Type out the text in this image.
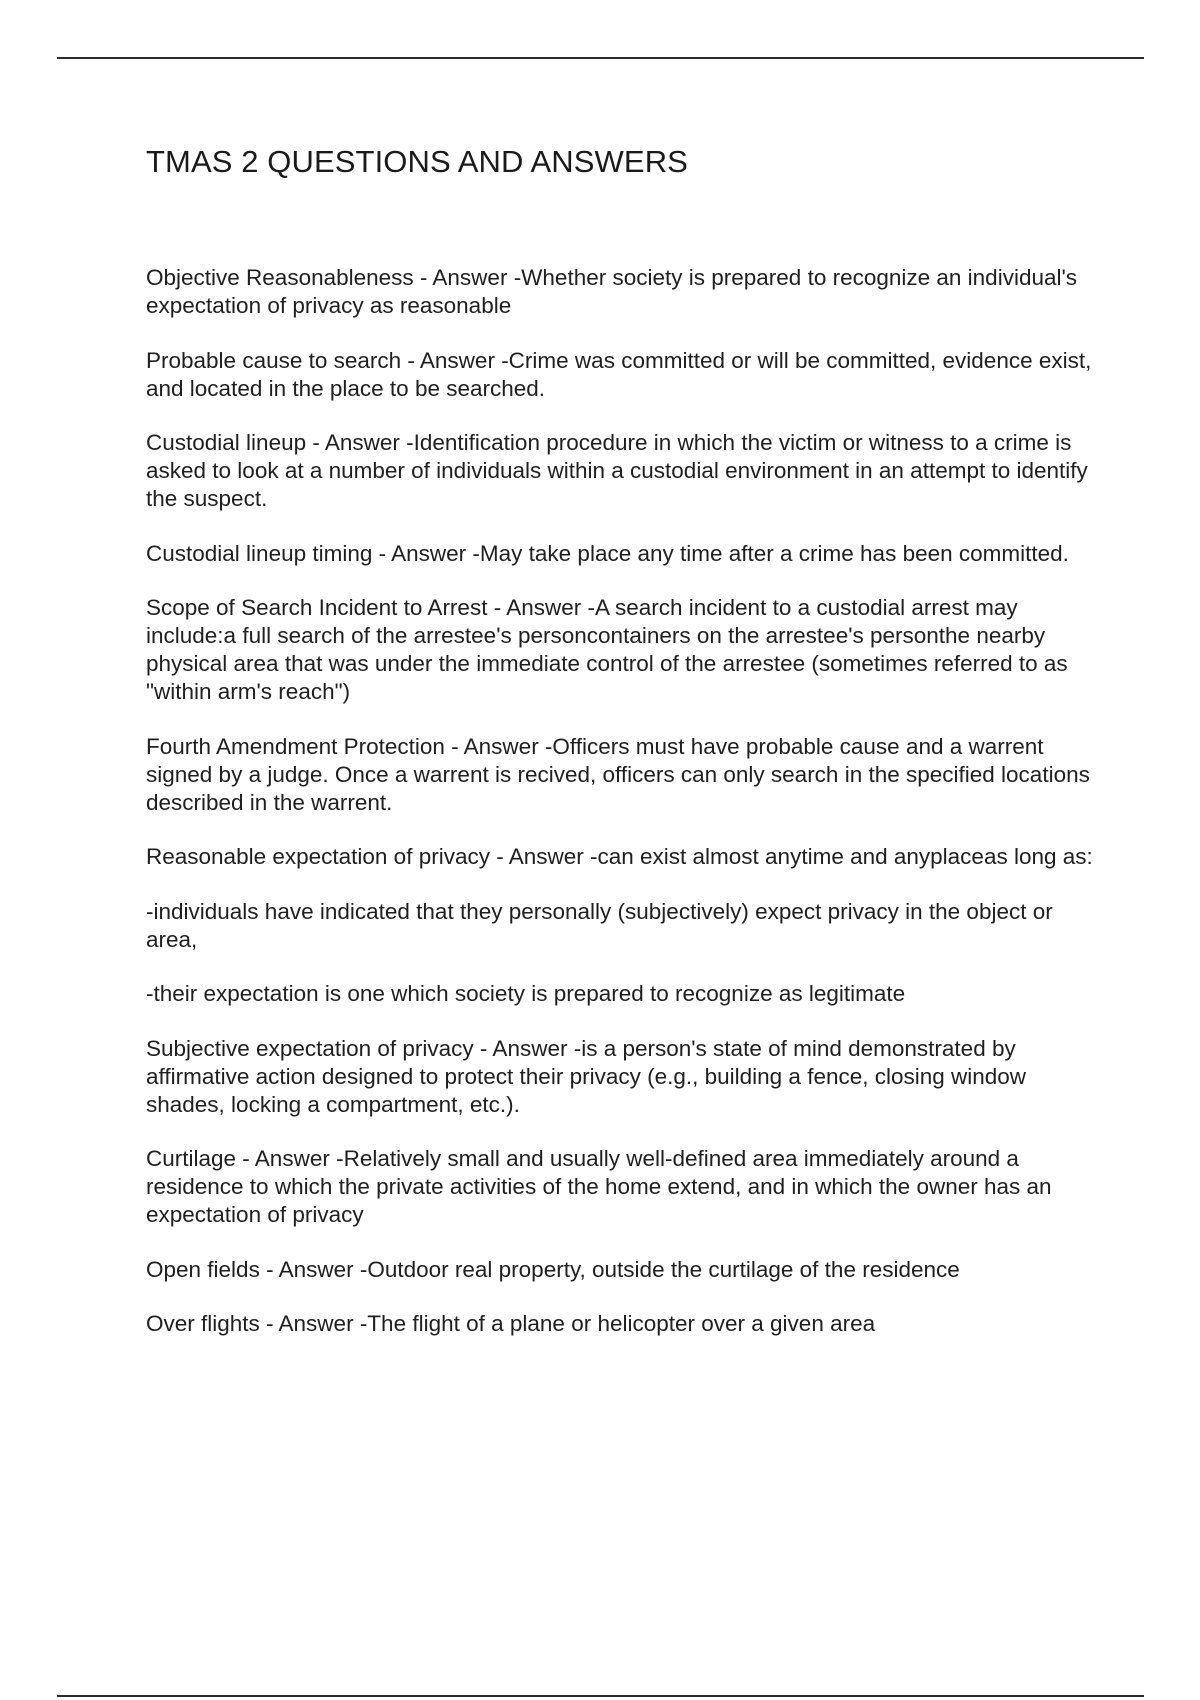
TMAS 2 QUESTIONS AND ANSWERS

Objective Reasonableness - Answer -Whether society is prepared to recognize an individual's expectation of privacy as reasonable

Probable cause to search - Answer -Crime was committed or will be committed, evidence exist, and located in the place to be searched.

Custodial lineup - Answer -Identification procedure in which the victim or witness to a crime is asked to look at a number of individuals within a custodial environment in an attempt to identify the suspect.

Custodial lineup timing - Answer -May take place any time after a crime has been committed.

Scope of Search Incident to Arrest - Answer -A search incident to a custodial arrest may include:a full search of the arrestee's personcontainers on the arrestee's personthe nearby physical area that was under the immediate control of the arrestee (sometimes referred to as "within arm's reach")

Fourth Amendment Protection - Answer -Officers must have probable cause and a warrent signed by a judge. Once a warrent is recived, officers can only search in the specified locations described in the warrent.

Reasonable expectation of privacy - Answer -can exist almost anytime and anyplaceas long as:

-individuals have indicated that they personally (subjectively) expect privacy in the object or area,

-their expectation is one which society is prepared to recognize as legitimate

Subjective expectation of privacy - Answer -is a person's state of mind demonstrated by affirmative action designed to protect their privacy (e.g., building a fence, closing window shades, locking a compartment, etc.).

Curtilage - Answer -Relatively small and usually well-defined area immediately around a residence to which the private activities of the home extend, and in which the owner has an expectation of privacy

Open fields - Answer -Outdoor real property, outside the curtilage of the residence

Over flights - Answer -The flight of a plane or helicopter over a given area
